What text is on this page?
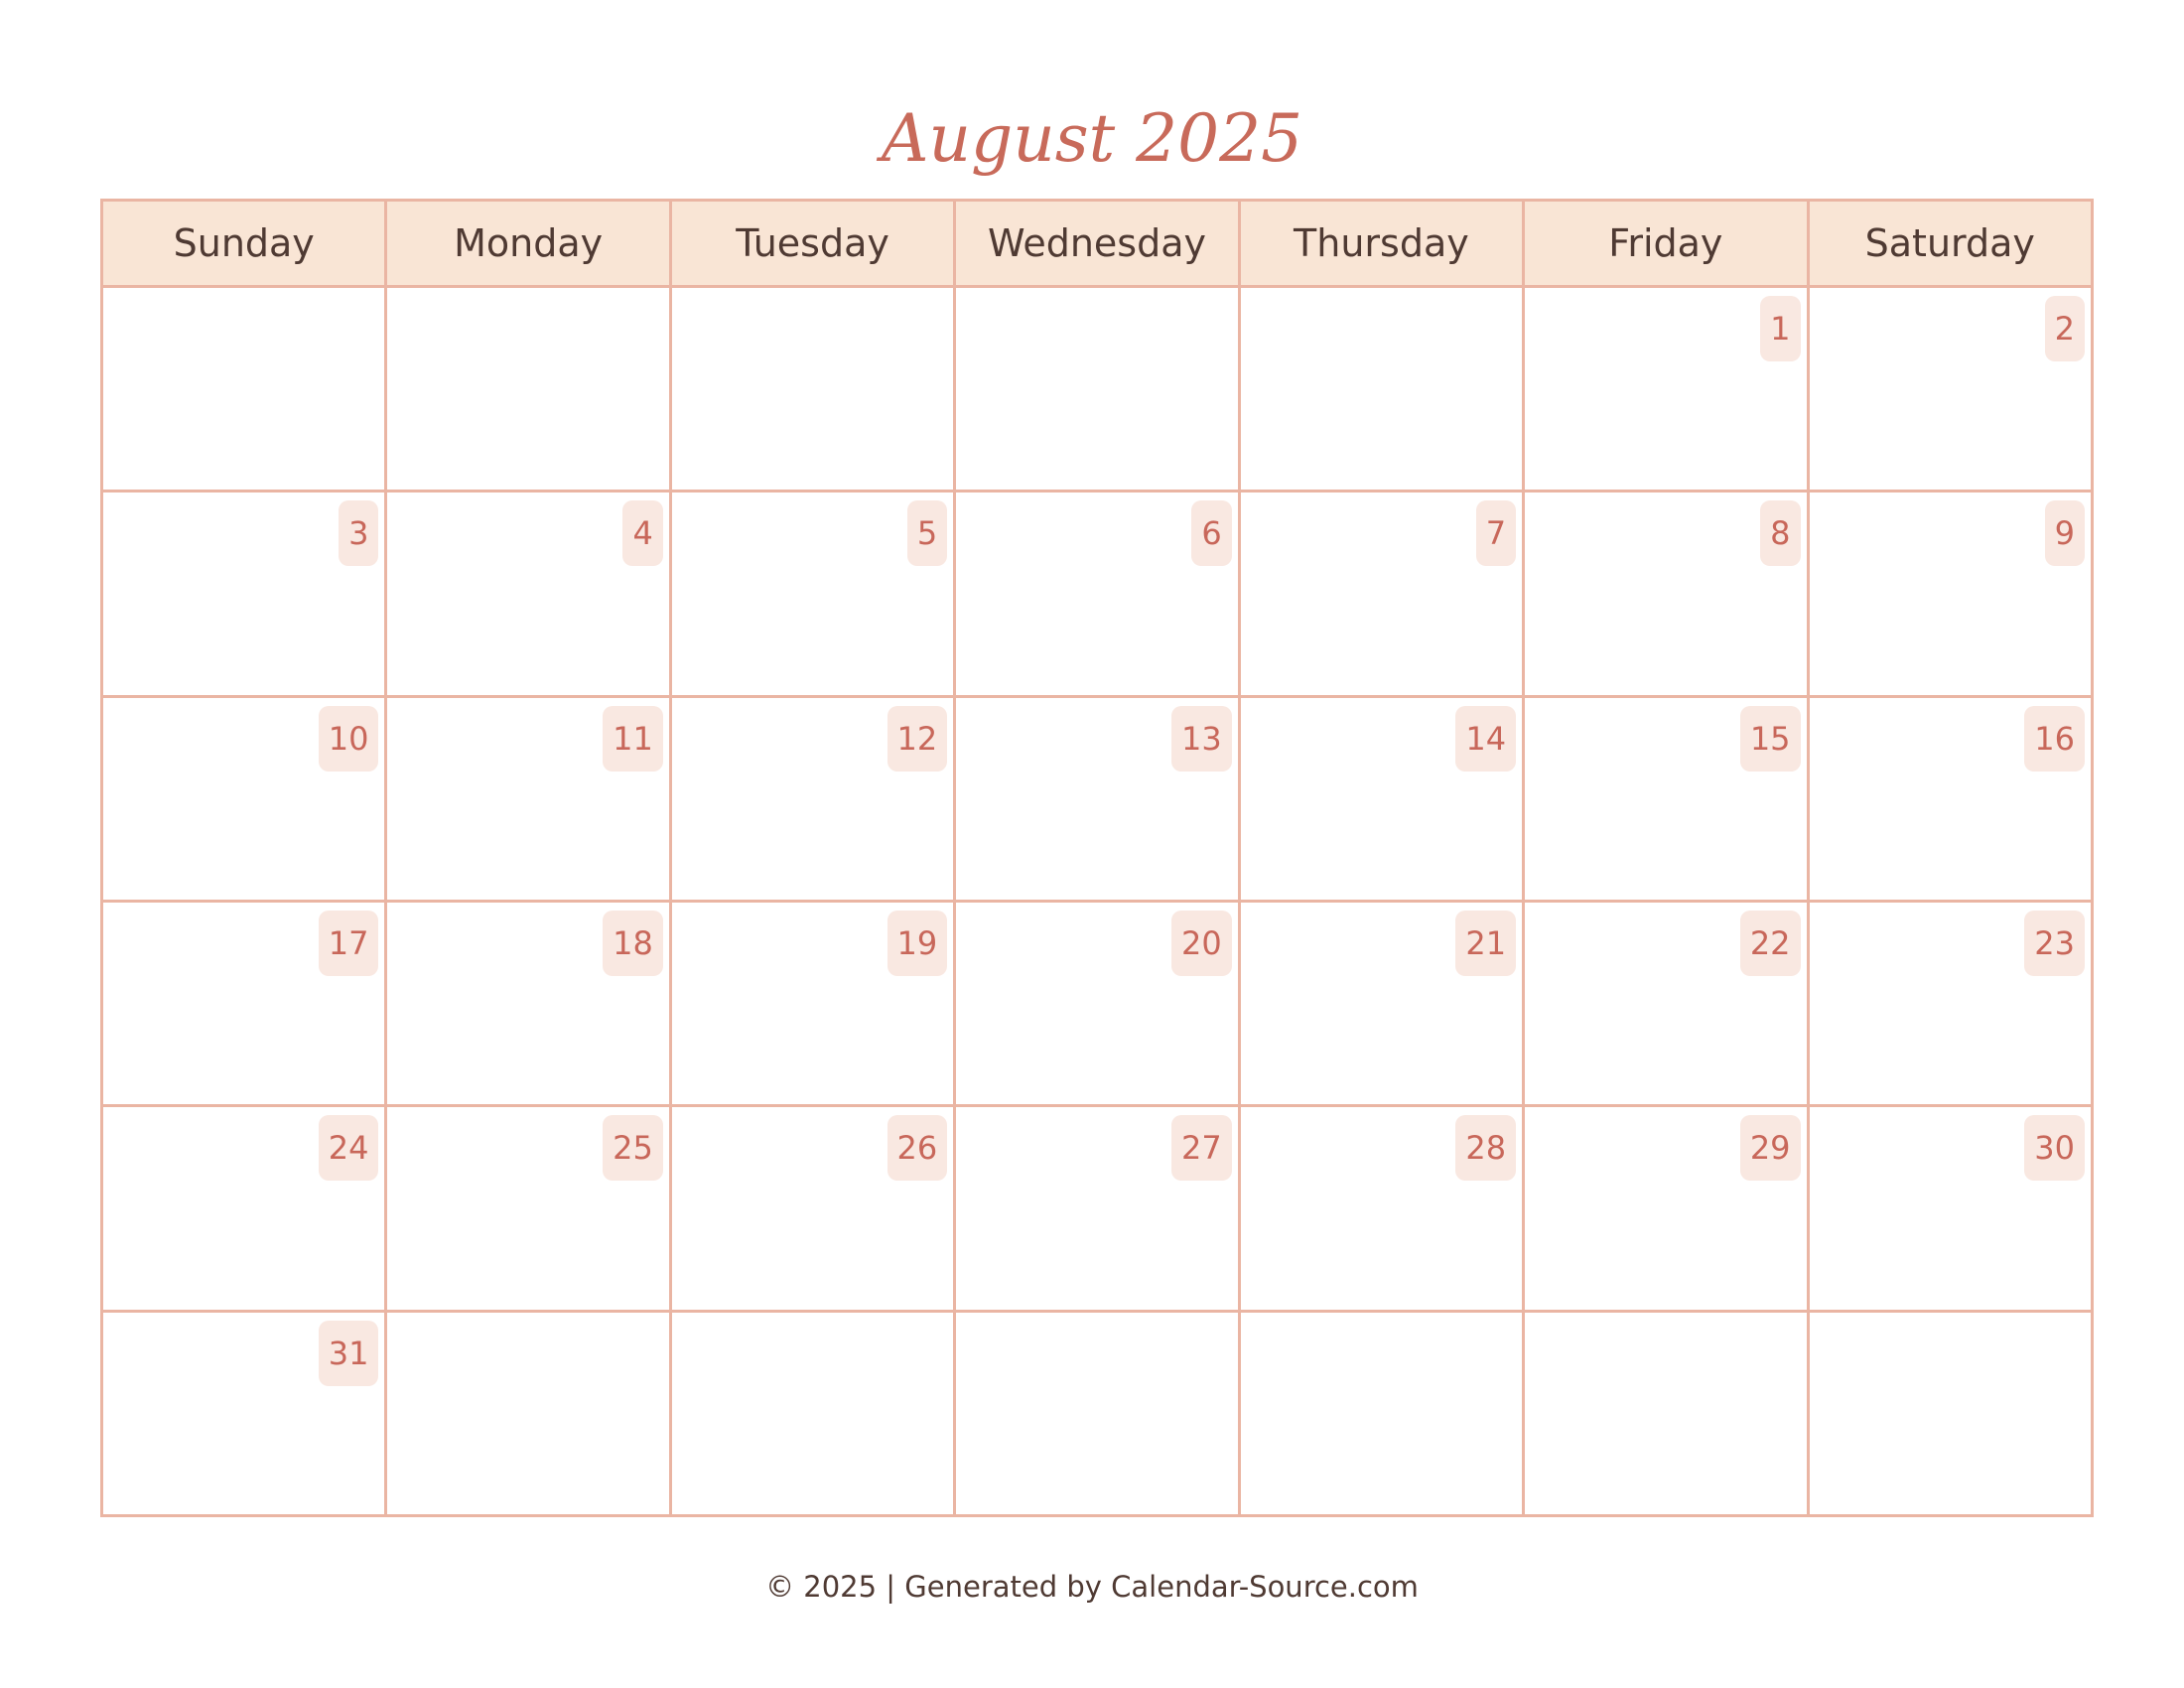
August 2025
Sunday	Monday	Tuesday	Wednesday	Thursday	Friday	Saturday

					1	2

3	4	5	6	7	8	9

10	11	12	13	14	15	16

17	18	19	20	21	22	23

24	25	26	27	28	29	30

31						

© 2025 | Generated by Calendar-Source.com
